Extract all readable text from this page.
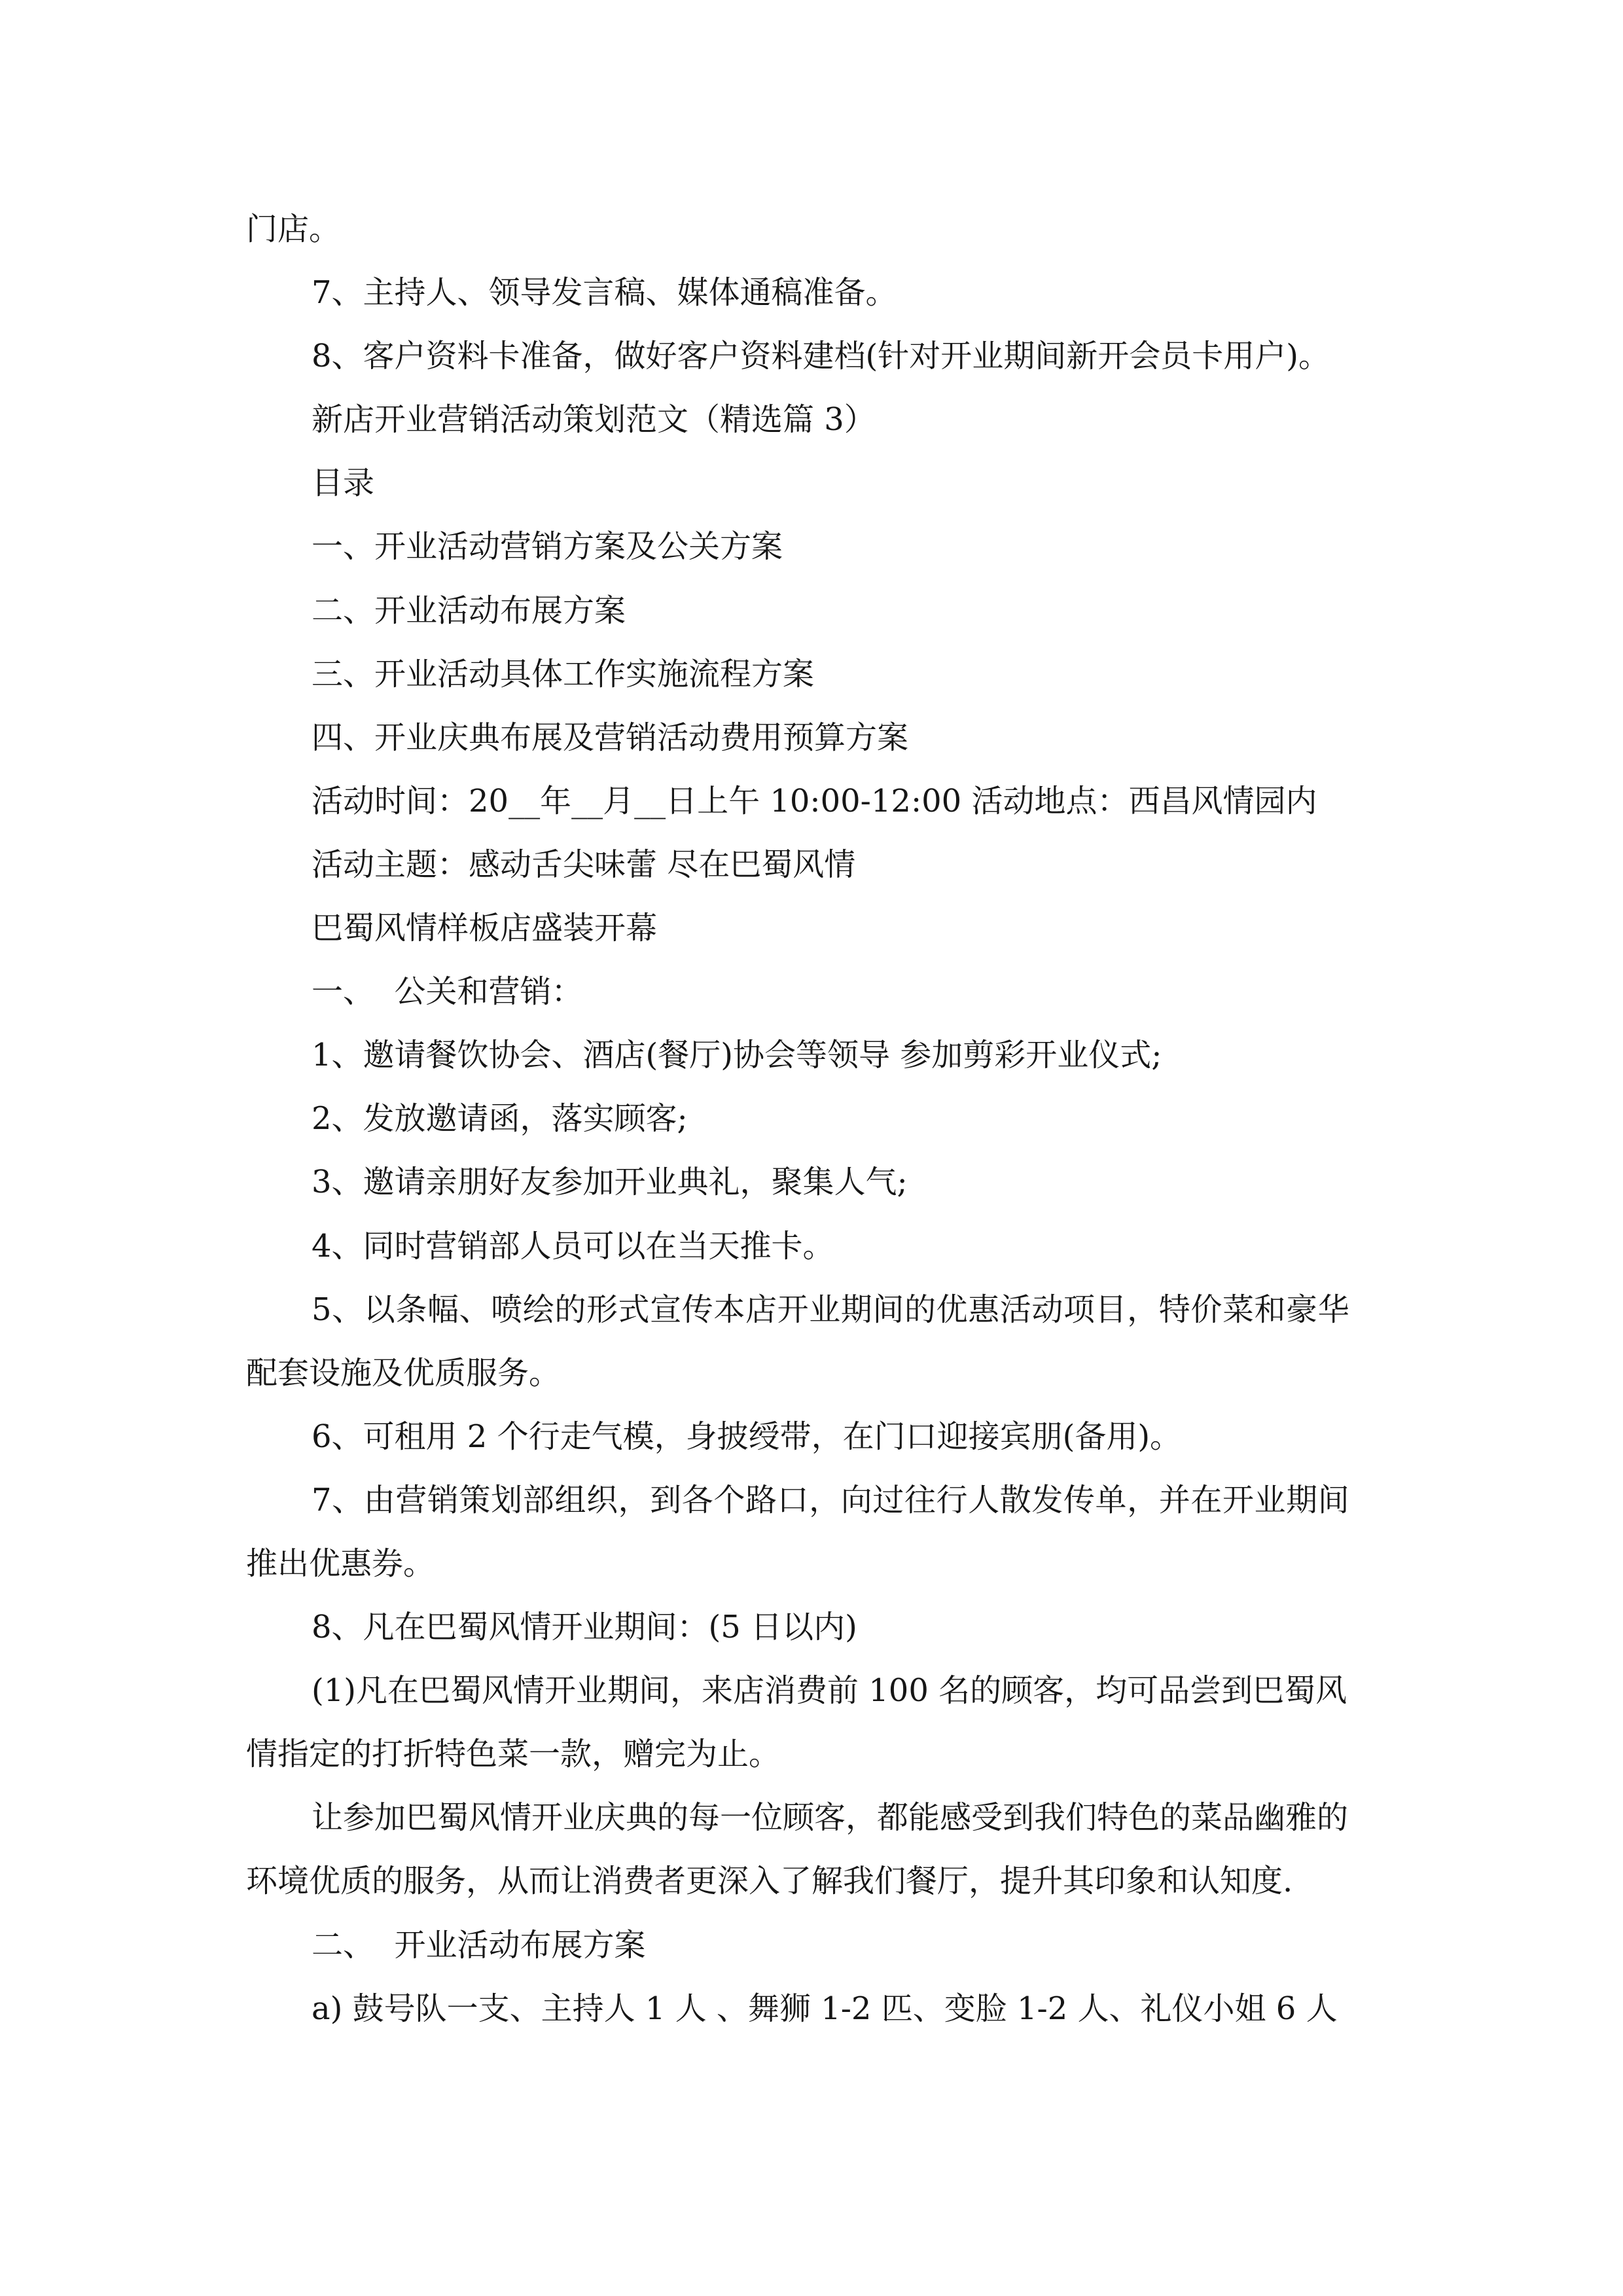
门店。

7、主持人、领导发言稿、媒体通稿准备。

8、客户资料卡准备，做好客户资料建档(针对开业期间新开会员卡用户)。

新店开业营销活动策划范文（精选篇 3）

目录

一、开业活动营销方案及公关方案

二、开业活动布展方案

三、开业活动具体工作实施流程方案

四、开业庆典布展及营销活动费用预算方案

活动时间：20__年__月__日上午 10:00-12:00 活动地点：西昌风情园内

活动主题：感动舌尖味蕾 尽在巴蜀风情

巴蜀风情样板店盛装开幕

一、  公关和营销：

1、邀请餐饮协会、酒店(餐厅)协会等领导 参加剪彩开业仪式;

2、发放邀请函，落实顾客;

3、邀请亲朋好友参加开业典礼，聚集人气;

4、同时营销部人员可以在当天推卡。

5、以条幅、喷绘的形式宣传本店开业期间的优惠活动项目，特价菜和豪华

配套设施及优质服务。

6、可租用 2 个行走气模，身披绶带，在门口迎接宾朋(备用)。

7、由营销策划部组织，到各个路口，向过往行人散发传单，并在开业期间

推出优惠券。

8、凡在巴蜀风情开业期间：(5 日以内)

(1)凡在巴蜀风情开业期间，来店消费前 100 名的顾客，均可品尝到巴蜀风

情指定的打折特色菜一款，赠完为止。

让参加巴蜀风情开业庆典的每一位顾客，都能感受到我们特色的菜品幽雅的

环境优质的服务，从而让消费者更深入了解我们餐厅，提升其印象和认知度.

二、  开业活动布展方案

a) 鼓号队一支、主持人 1 人 、舞狮 1-2 匹、变脸 1-2 人、礼仪小姐 6 人
